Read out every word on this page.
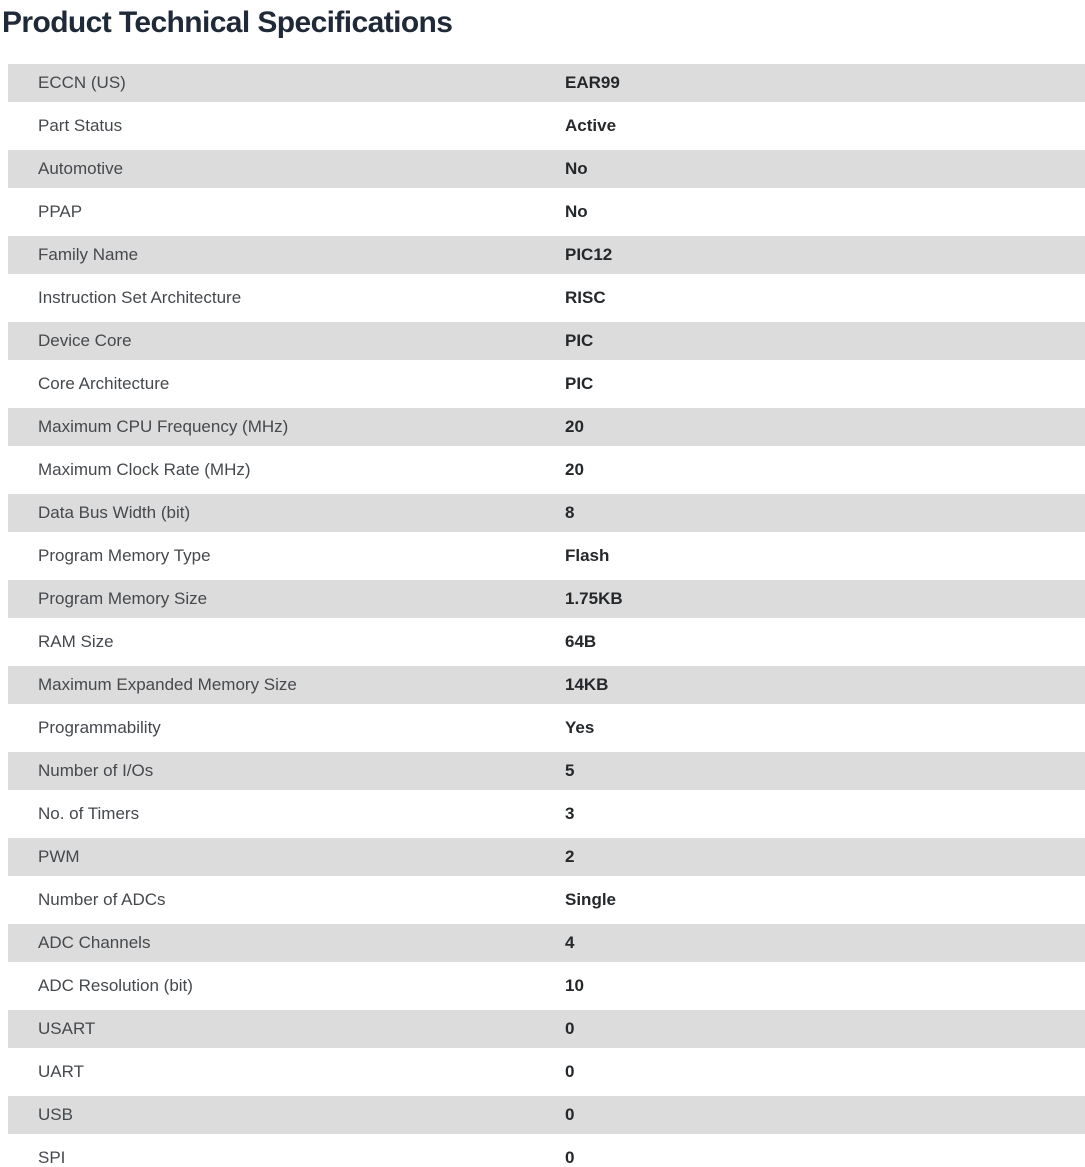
Product Technical Specifications
ECCN (US)	EAR99
Part Status	Active
Automotive	No
PPAP	No
Family Name	PIC12
Instruction Set Architecture	RISC
Device Core	PIC
Core Architecture	PIC
Maximum CPU Frequency (MHz)	20
Maximum Clock Rate (MHz)	20
Data Bus Width (bit)	8
Program Memory Type	Flash
Program Memory Size	1.75KB
RAM Size	64B
Maximum Expanded Memory Size	14KB
Programmability	Yes
Number of I/Os	5
No. of Timers	3
PWM	2
Number of ADCs	Single
ADC Channels	4
ADC Resolution (bit)	10
USART	0
UART	0
USB	0
SPI	0
